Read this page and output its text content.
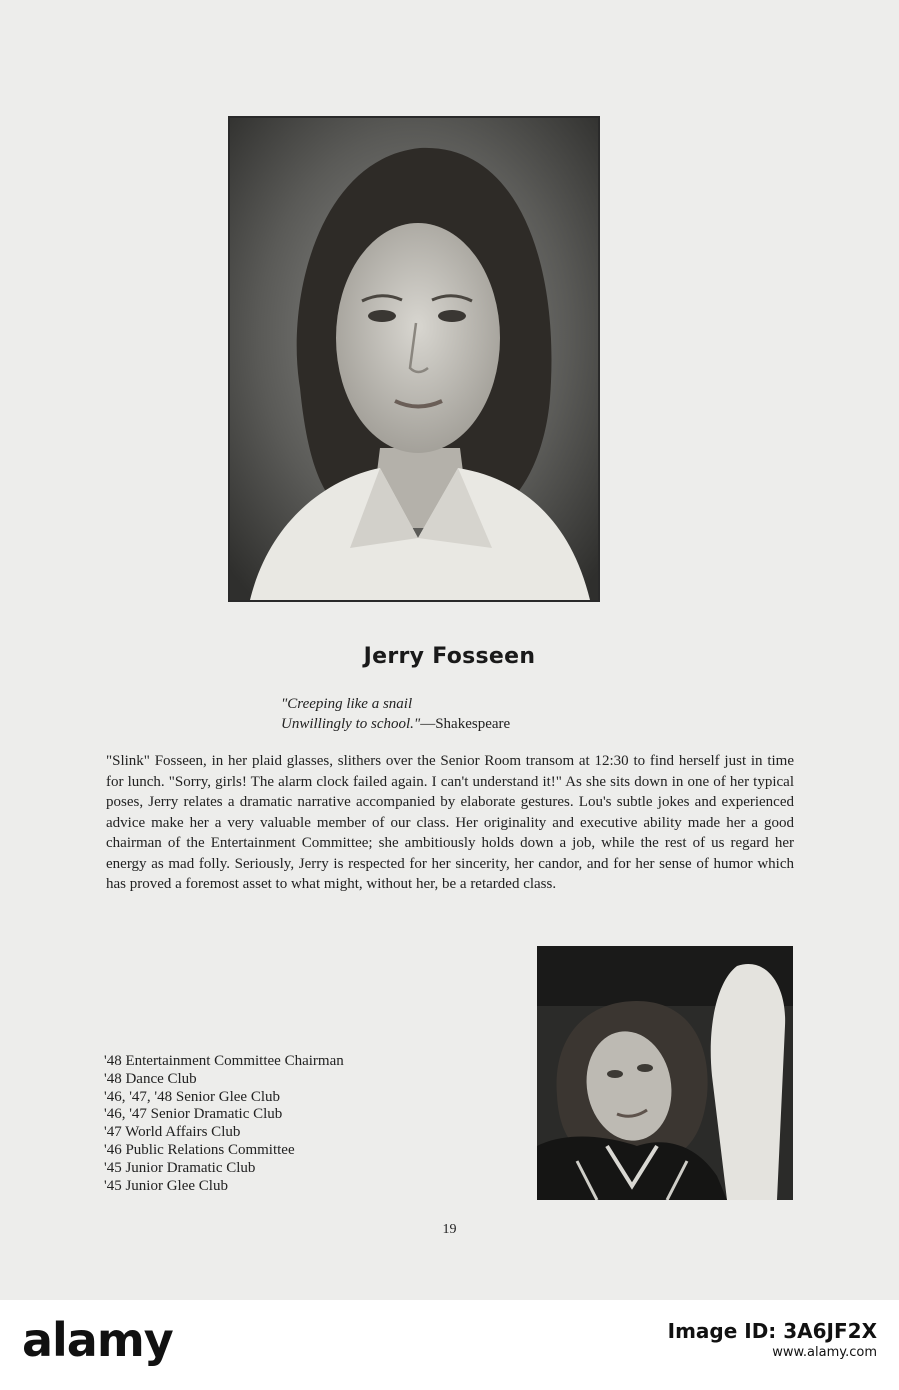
Jerry Fosseen
"Creeping like a snail
Unwillingly to school."—Shakespeare
"Slink" Fosseen, in her plaid glasses, slithers over the Senior Room transom at 12:30 to find herself just in time for lunch. "Sorry, girls! The alarm clock failed again. I can't understand it!" As she sits down in one of her typical poses, Jerry relates a dramatic narrative accompanied by elaborate gestures. Lou's subtle jokes and experienced advice make her a very valuable member of our class. Her originality and executive ability made her a good chairman of the Entertainment Committee; she ambitiously holds down a job, while the rest of us regard her energy as mad folly. Seriously, Jerry is respected for her sincerity, her candor, and for her sense of humor which has proved a foremost asset to what might, without her, be a retarded class.
'48 Entertainment Committee Chairman
'48 Dance Club
'46, '47, '48 Senior Glee Club
'46, '47 Senior Dramatic Club
'47 World Affairs Club
'46 Public Relations Committee
'45 Junior Dramatic Club
'45 Junior Glee Club
19
alamy	Image ID: 3A6JF2X
www.alamy.com
